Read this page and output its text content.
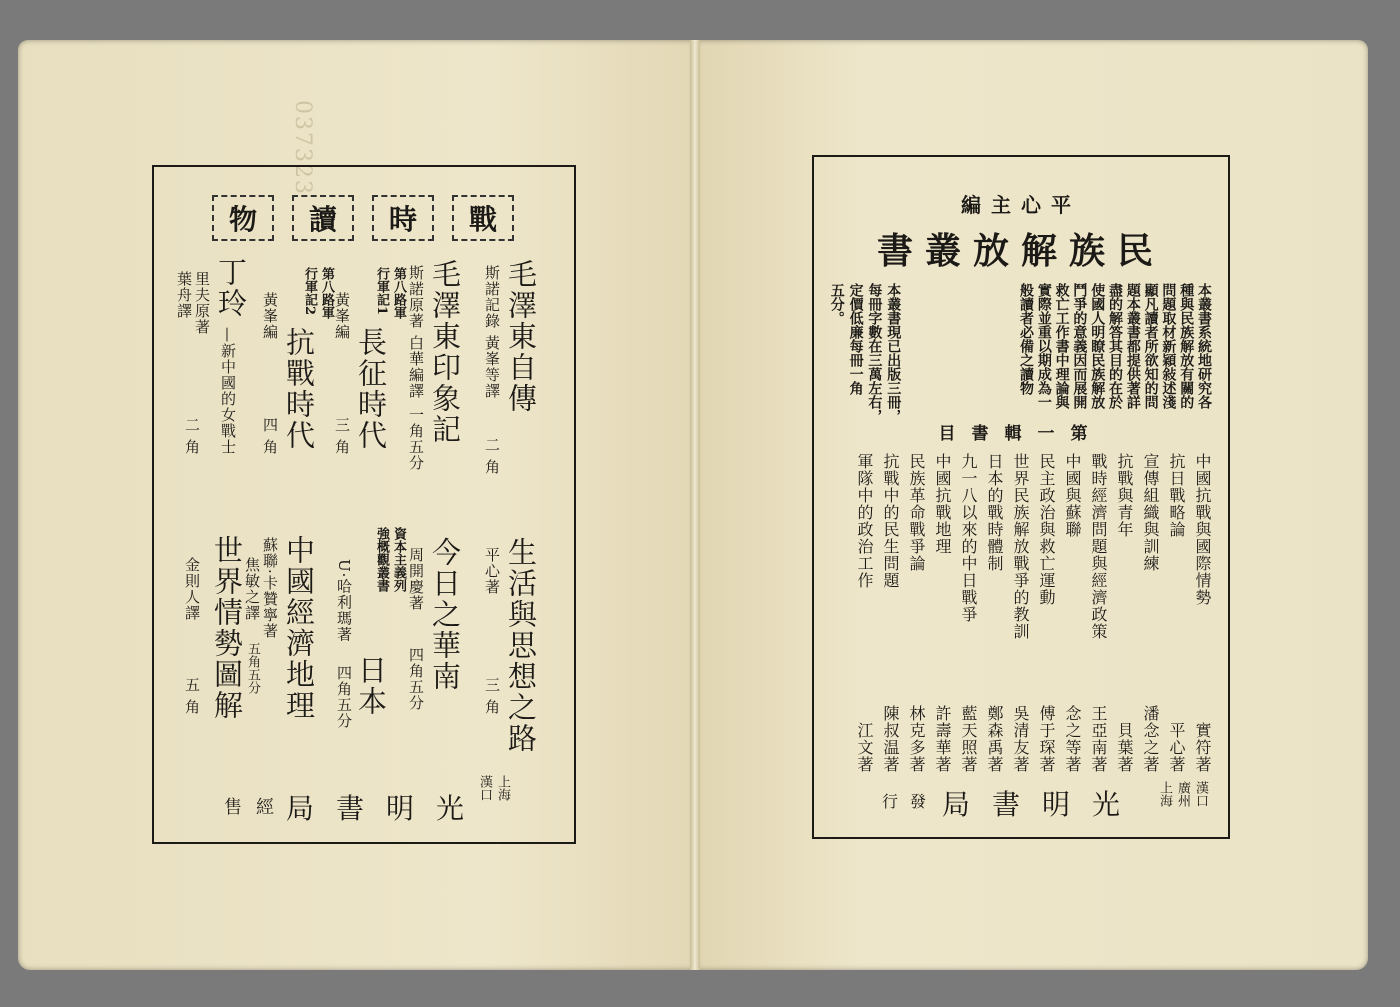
037323
戰
時
讀
物
毛澤東自傳
斯諾記錄 黃峯等譯
二 角
生活與思想之路
平心著
三 角
毛澤東印象記
斯諾原著 白華編譯
一角五分
今日之華南
周開慶著
四角五分
長征時代
第八路軍
行軍記1
黃峯編
三 角
日本
資本主義列
強概觀叢書
U·哈利瑪著
四角五分
抗戰時代
第八路軍
行軍記2
黃峯編
四 角
中國經濟地理
蘇聯·卡贊寧著
焦敏之譯
五角五分
丁玲
—新中國的女戰士
里夫原著
葉舟譯
二 角
世界情勢圖解
金則人譯
五 角
上海
漢口
光明書局
經售
平心主編
民族解放叢書
本叢書系統地研究各
種與民族解放有關的
問題取材新穎敍述淺
顯凡讀者所欲知的問
題本叢書都提供著詳
盡的解答其目的在於
使國人明瞭民族解放
鬥爭的意義因而展開
救亡工作書中理論與
實際並重以期成為一
般讀者必備之讀物
本叢書現已出版三冊，
每冊字數在三萬左右，
定價低廉每冊一角
五分。
第一輯書目
中國抗戰與國際情勢
實符著
抗日戰略論
平心著
宣傳組織與訓練
潘念之著
抗戰與青年
貝葉著
戰時經濟問題與經濟政策
王亞南著
中國與蘇聯
念之等著
民主政治與救亡運動
傅于琛著
世界民族解放戰爭的教訓
吳清友著
日本的戰時體制
鄭森禹著
九一八以來的中日戰爭
藍天照著
中國抗戰地理
許壽華著
民族革命戰爭論
林克多著
抗戰中的民生問題
陳叔温著
軍隊中的政治工作
江文著
漢口
廣州
上海
光明書局
發行
